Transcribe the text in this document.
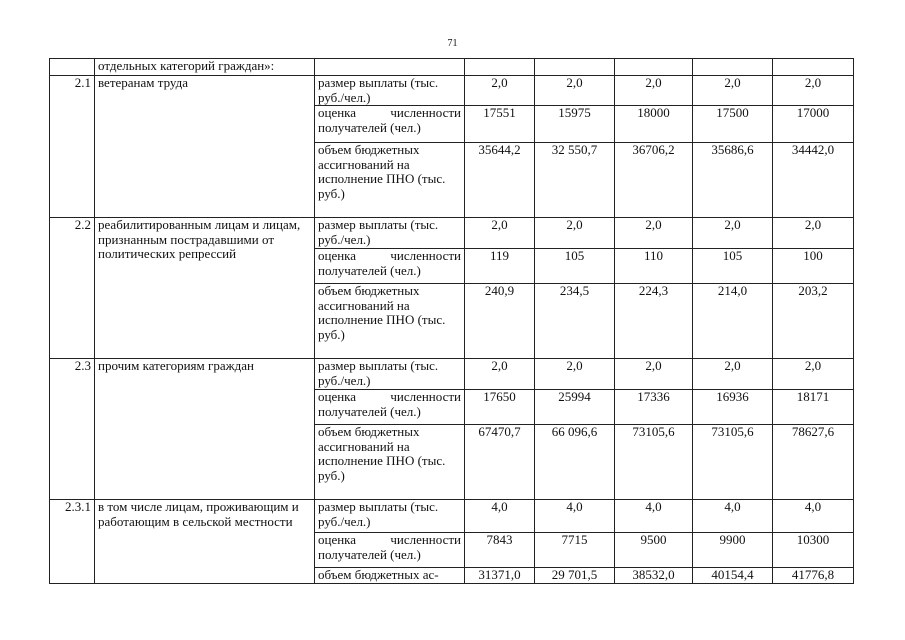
71
	отдельных категорий граждан»:						
2.1	ветеранам труда	размер выплаты (тыс. руб./чел.)	2,0	2,0	2,0	2,0	2,0
		оценка численности получателей (чел.)	17551	15975	18000	17500	17000
		объем бюджетных ассигнований на исполнение ПНО (тыс. руб.)	35644,2	32 550,7	36706,2	35686,6	34442,0
2.2	реабилитированным лицам и лицам, признанным пострадавшими от политических репрессий	размер выплаты (тыс. руб./чел.)	2,0	2,0	2,0	2,0	2,0
		оценка численности получателей (чел.)	119	105	110	105	100
		объем бюджетных ассигнований на исполнение ПНО (тыс. руб.)	240,9	234,5	224,3	214,0	203,2
2.3	прочим категориям граждан	размер выплаты (тыс. руб./чел.)	2,0	2,0	2,0	2,0	2,0
		оценка численности получателей (чел.)	17650	25994	17336	16936	18171
		объем бюджетных ассигнований на исполнение ПНО (тыс. руб.)	67470,7	66 096,6	73105,6	73105,6	78627,6
2.3.1	в том числе лицам, проживающим и работающим в сельской местности	размер выплаты (тыс. руб./чел.)	4,0	4,0	4,0	4,0	4,0
		оценка численности получателей (чел.)	7843	7715	9500	9900	10300
		объем бюджетных ас-	31371,0	29 701,5	38532,0	40154,4	41776,8
